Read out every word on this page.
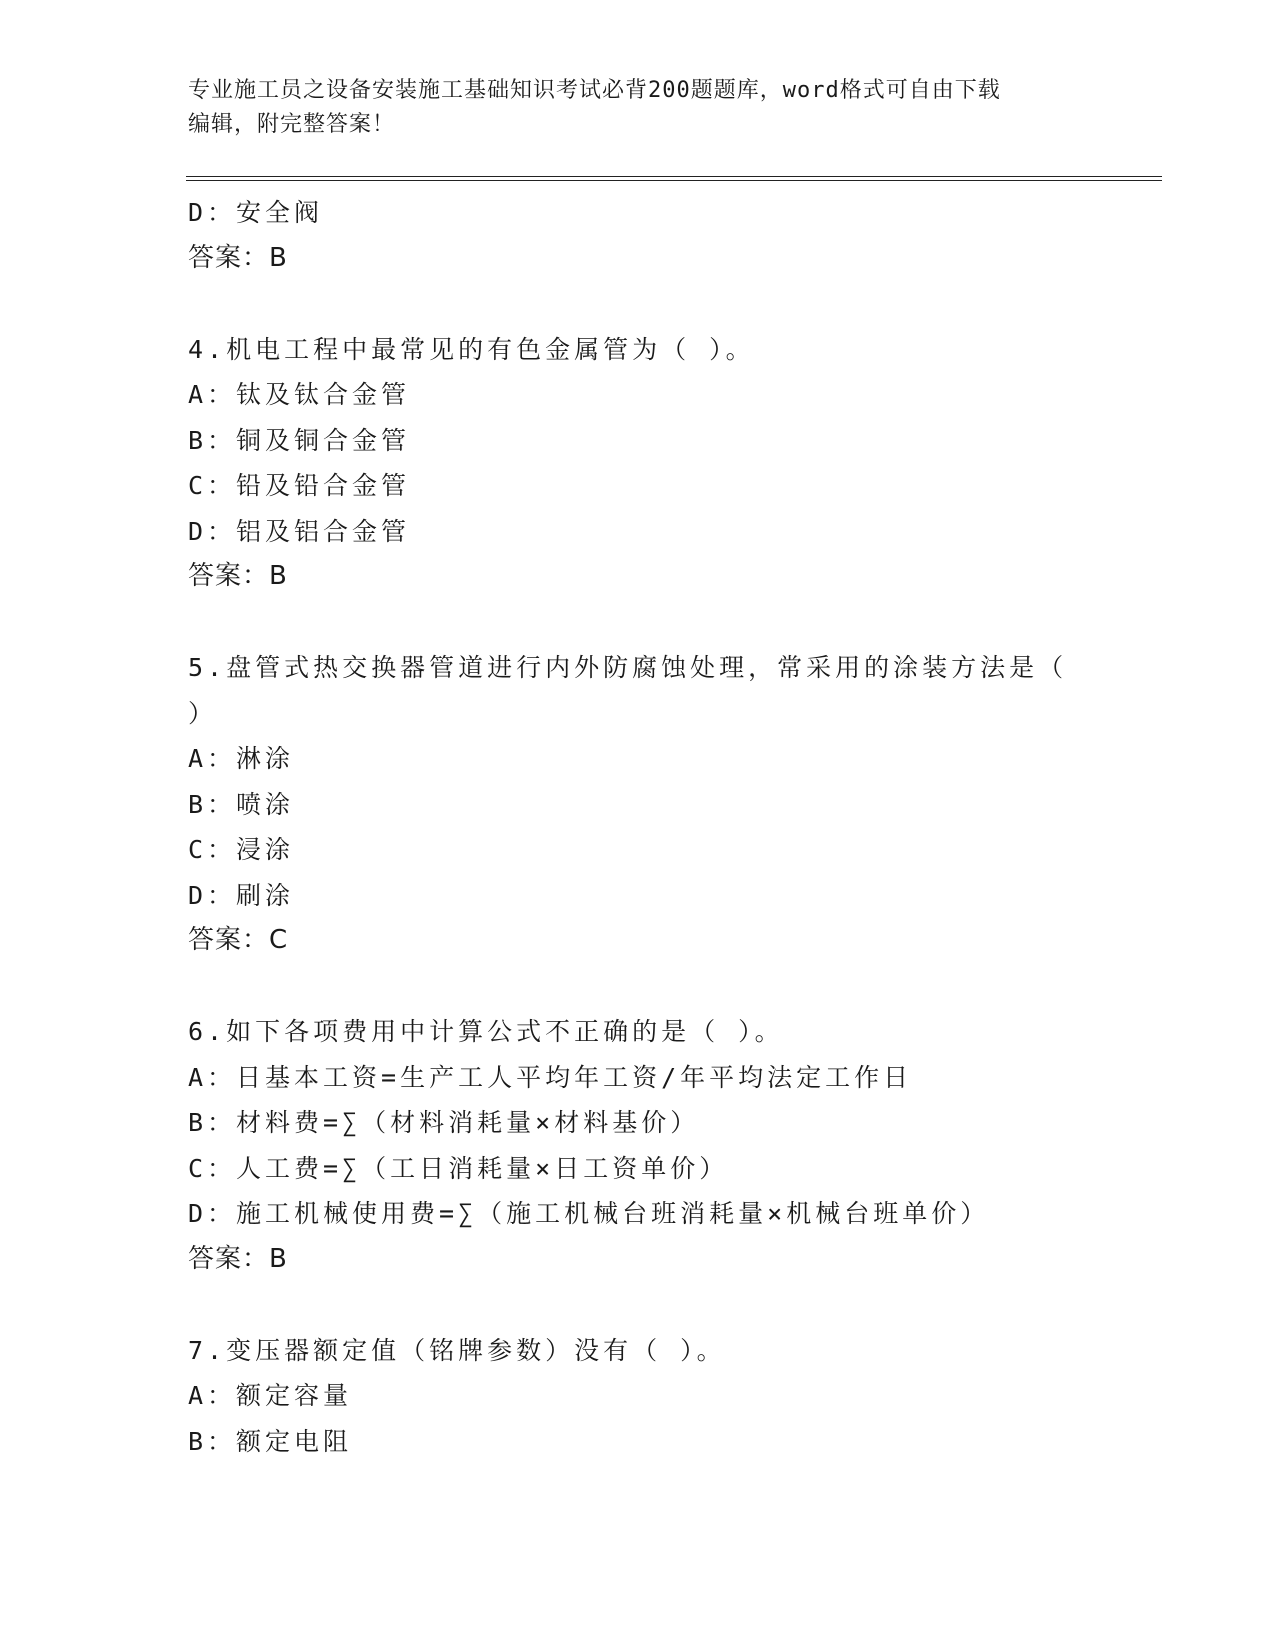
专业施工员之设备安装施工基础知识考试必背200题题库，word格式可自由下载
编辑，附完整答案！
D：安全阀
答案：B
4.机电工程中最常见的有色金属管为（ ）。
A：钛及钛合金管
B：铜及铜合金管
C：铅及铅合金管
D：铝及铝合金管
答案：B
5.盘管式热交换器管道进行内外防腐蚀处理，常采用的涂装方法是（
）
A：淋涂
B：喷涂
C：浸涂
D：刷涂
答案：C
6.如下各项费用中计算公式不正确的是（ ）。
A：日基本工资=生产工人平均年工资/年平均法定工作日
B：材料费=∑（材料消耗量×材料基价）
C：人工费=∑（工日消耗量×日工资单价）
D：施工机械使用费=∑（施工机械台班消耗量×机械台班单价）
答案：B
7.变压器额定值（铭牌参数）没有（ ）。
A：额定容量
B：额定电阻
